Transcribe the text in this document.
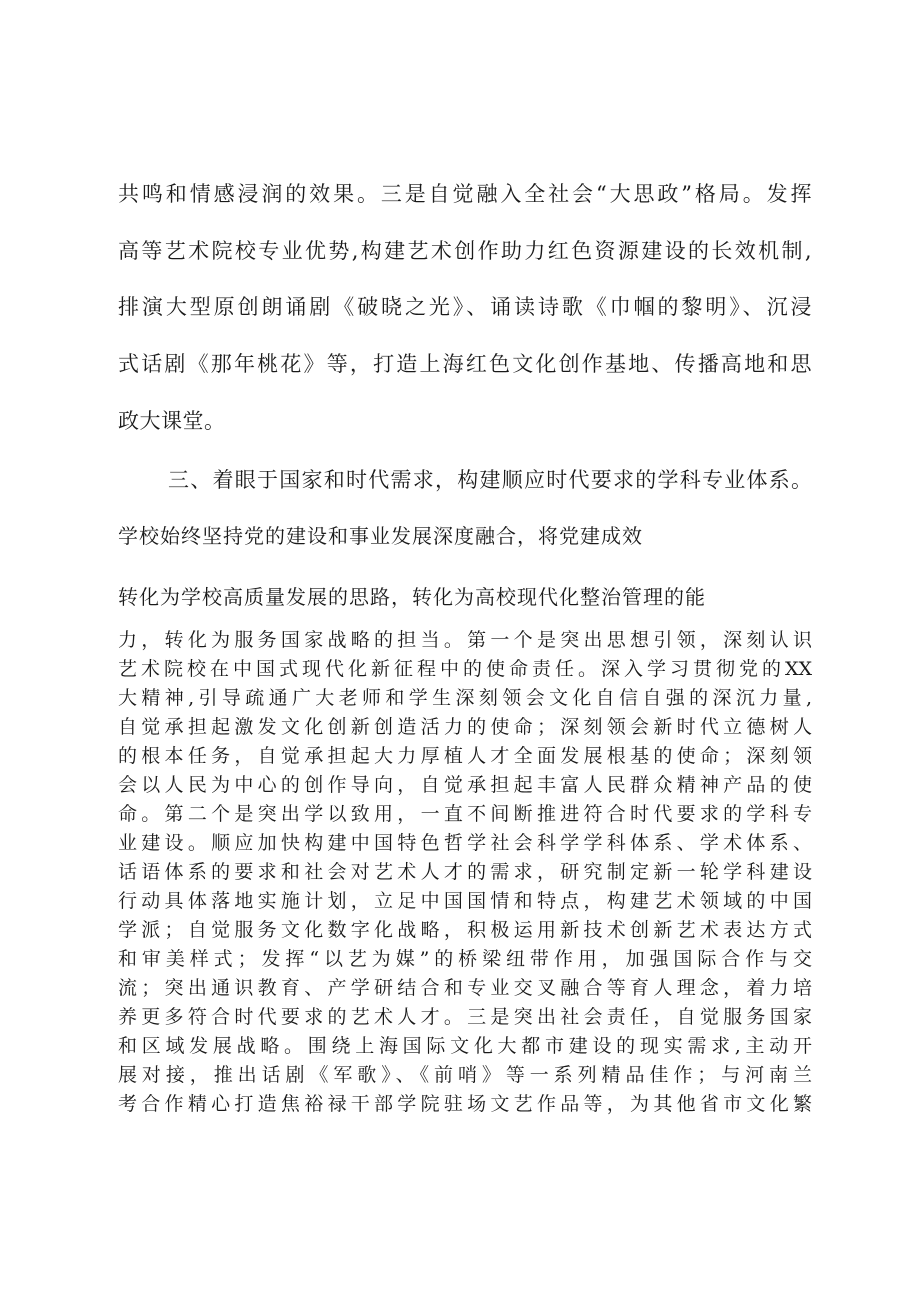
共鸣和情感浸润的效果。三是自觉融入全社会“大思政”格局。发挥
高等艺术院校专业优势,构建艺术创作助力红色资源建设的长效机制,
排演大型原创朗诵剧《破晓之光》、诵读诗歌《巾帼的黎明》、沉浸
式话剧《那年桃花》等，打造上海红色文化创作基地、传播高地和思
政大课堂。
三、着眼于国家和时代需求，构建顺应时代要求的学科专业体系。
学校始终坚持党的建设和事业发展深度融合，将党建成效
转化为学校高质量发展的思路，转化为高校现代化整治管理的能
力，转化为服务国家战略的担当。第一个是突出思想引领，深刻认识
艺术院校在中国式现代化新征程中的使命责任。深入学习贯彻党的XX
大精神,引导疏通广大老师和学生深刻领会文化自信自强的深沉力量,
自觉承担起激发文化创新创造活力的使命；深刻领会新时代立德树人
的根本任务，自觉承担起大力厚植人才全面发展根基的使命；深刻领
会以人民为中心的创作导向，自觉承担起丰富人民群众精神产品的使
命。第二个是突出学以致用，一直不间断推进符合时代要求的学科专
业建设。顺应加快构建中国特色哲学社会科学学科体系、学术体系、
话语体系的要求和社会对艺术人才的需求，研究制定新一轮学科建设
行动具体落地实施计划，立足中国国情和特点，构建艺术领域的中国
学派；自觉服务文化数字化战略，积极运用新技术创新艺术表达方式
和审美样式；发挥“以艺为媒”的桥梁纽带作用，加强国际合作与交
流；突出通识教育、产学研结合和专业交叉融合等育人理念，着力培
养更多符合时代要求的艺术人才。三是突出社会责任，自觉服务国家
和区域发展战略。围绕上海国际文化大都市建设的现实需求,主动开
展对接，推出话剧《军歌》、《前哨》等一系列精品佳作；与河南兰
考合作精心打造焦裕禄干部学院驻场文艺作品等，为其他省市文化繁
